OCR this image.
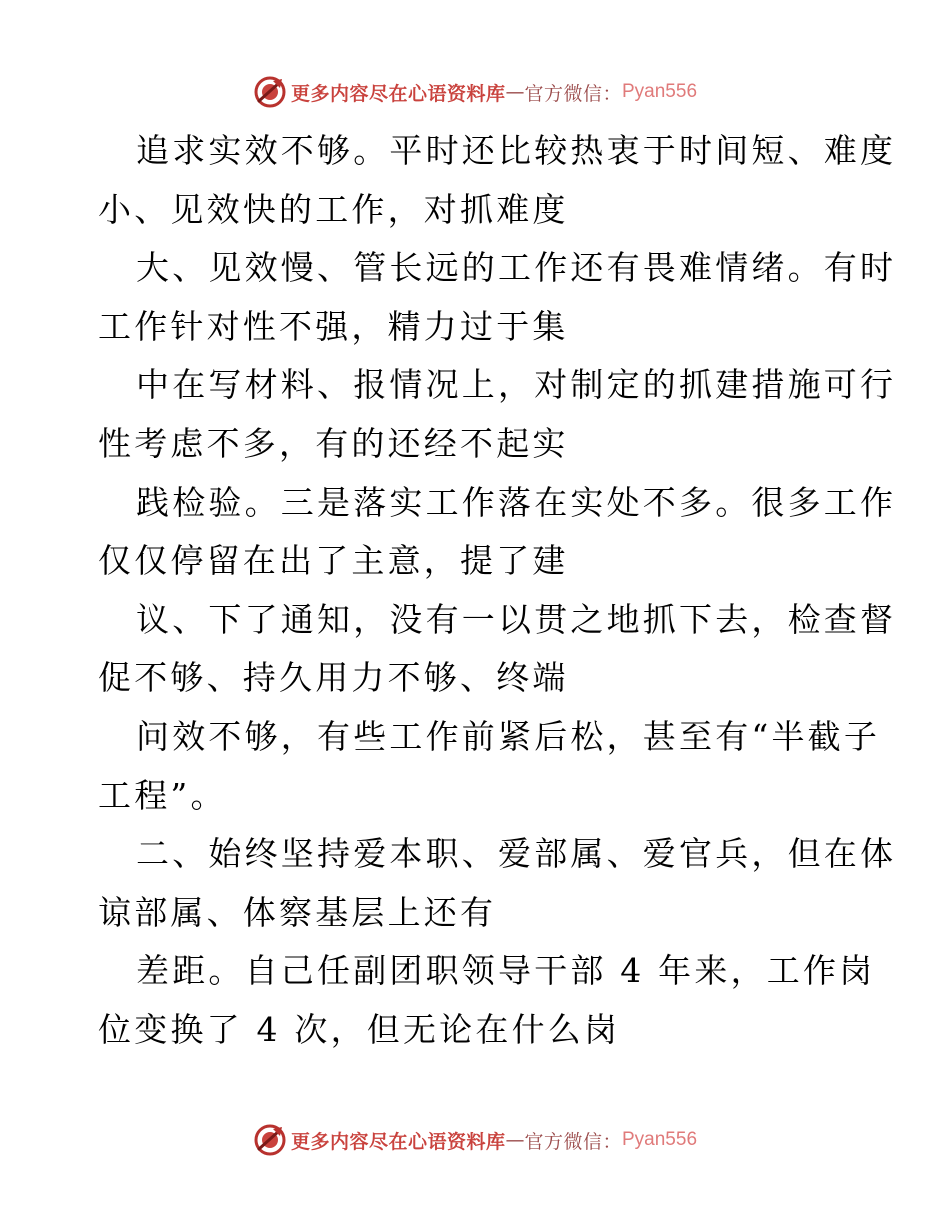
更多内容尽在心语资料库 — 官方微信： Pyan556
追求实效不够。平时还比较热衷于时间短、难度
小、见效快的工作，对抓难度
大、见效慢、管长远的工作还有畏难情绪。有时
工作针对性不强，精力过于集
中在写材料、报情况上，对制定的抓建措施可行
性考虑不多，有的还经不起实
践检验。三是落实工作落在实处不多。很多工作
仅仅停留在出了主意，提了建
议、下了通知，没有一以贯之地抓下去，检查督
促不够、持久用力不够、终端
问效不够，有些工作前紧后松，甚至有“半截子
工程”。
二、始终坚持爱本职、爱部属、爱官兵，但在体
谅部属、体察基层上还有
差距。自己任副团职领导干部 4 年来，工作岗
位变换了 4 次，但无论在什么岗
更多内容尽在心语资料库 — 官方微信： Pyan556
